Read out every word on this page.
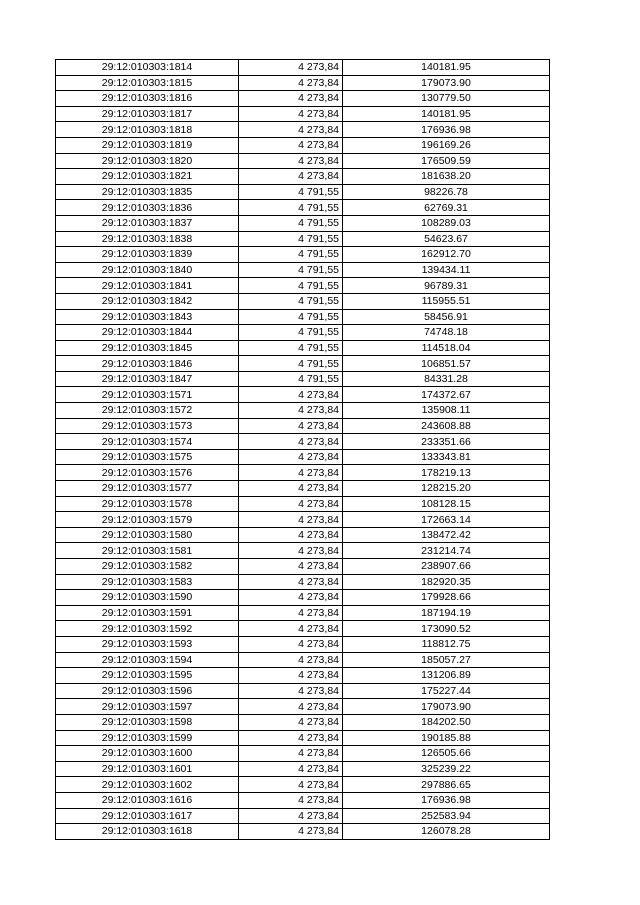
29:12:010303:1814	4 273,84	140181.95
29:12:010303:1815	4 273,84	179073.90
29:12:010303:1816	4 273,84	130779.50
29:12:010303:1817	4 273,84	140181.95
29:12:010303:1818	4 273,84	176936.98
29:12:010303:1819	4 273,84	196169.26
29:12:010303:1820	4 273,84	176509.59
29:12:010303:1821	4 273,84	181638.20
29:12:010303:1835	4 791,55	98226.78
29:12:010303:1836	4 791,55	62769.31
29:12:010303:1837	4 791,55	108289.03
29:12:010303:1838	4 791,55	54623.67
29:12:010303:1839	4 791,55	162912.70
29:12:010303:1840	4 791,55	139434.11
29:12:010303:1841	4 791,55	96789.31
29:12:010303:1842	4 791,55	115955.51
29:12:010303:1843	4 791,55	58456.91
29:12:010303:1844	4 791,55	74748.18
29:12:010303:1845	4 791,55	114518.04
29:12:010303:1846	4 791,55	106851.57
29:12:010303:1847	4 791,55	84331.28
29:12:010303:1571	4 273,84	174372.67
29:12:010303:1572	4 273,84	135908.11
29:12:010303:1573	4 273,84	243608.88
29:12:010303:1574	4 273,84	233351.66
29:12:010303:1575	4 273,84	133343.81
29:12:010303:1576	4 273,84	178219.13
29:12:010303:1577	4 273,84	128215.20
29:12:010303:1578	4 273,84	108128.15
29:12:010303:1579	4 273,84	172663.14
29:12:010303:1580	4 273,84	138472.42
29:12:010303:1581	4 273,84	231214.74
29:12:010303:1582	4 273,84	238907.66
29:12:010303:1583	4 273,84	182920.35
29:12:010303:1590	4 273,84	179928.66
29:12:010303:1591	4 273,84	187194.19
29:12:010303:1592	4 273,84	173090.52
29:12:010303:1593	4 273,84	118812.75
29:12:010303:1594	4 273,84	185057.27
29:12:010303:1595	4 273,84	131206.89
29:12:010303:1596	4 273,84	175227.44
29:12:010303:1597	4 273,84	179073.90
29:12:010303:1598	4 273,84	184202.50
29:12:010303:1599	4 273,84	190185.88
29:12:010303:1600	4 273,84	126505.66
29:12:010303:1601	4 273,84	325239.22
29:12:010303:1602	4 273,84	297886.65
29:12:010303:1616	4 273,84	176936.98
29:12:010303:1617	4 273,84	252583.94
29:12:010303:1618	4 273,84	126078.28
